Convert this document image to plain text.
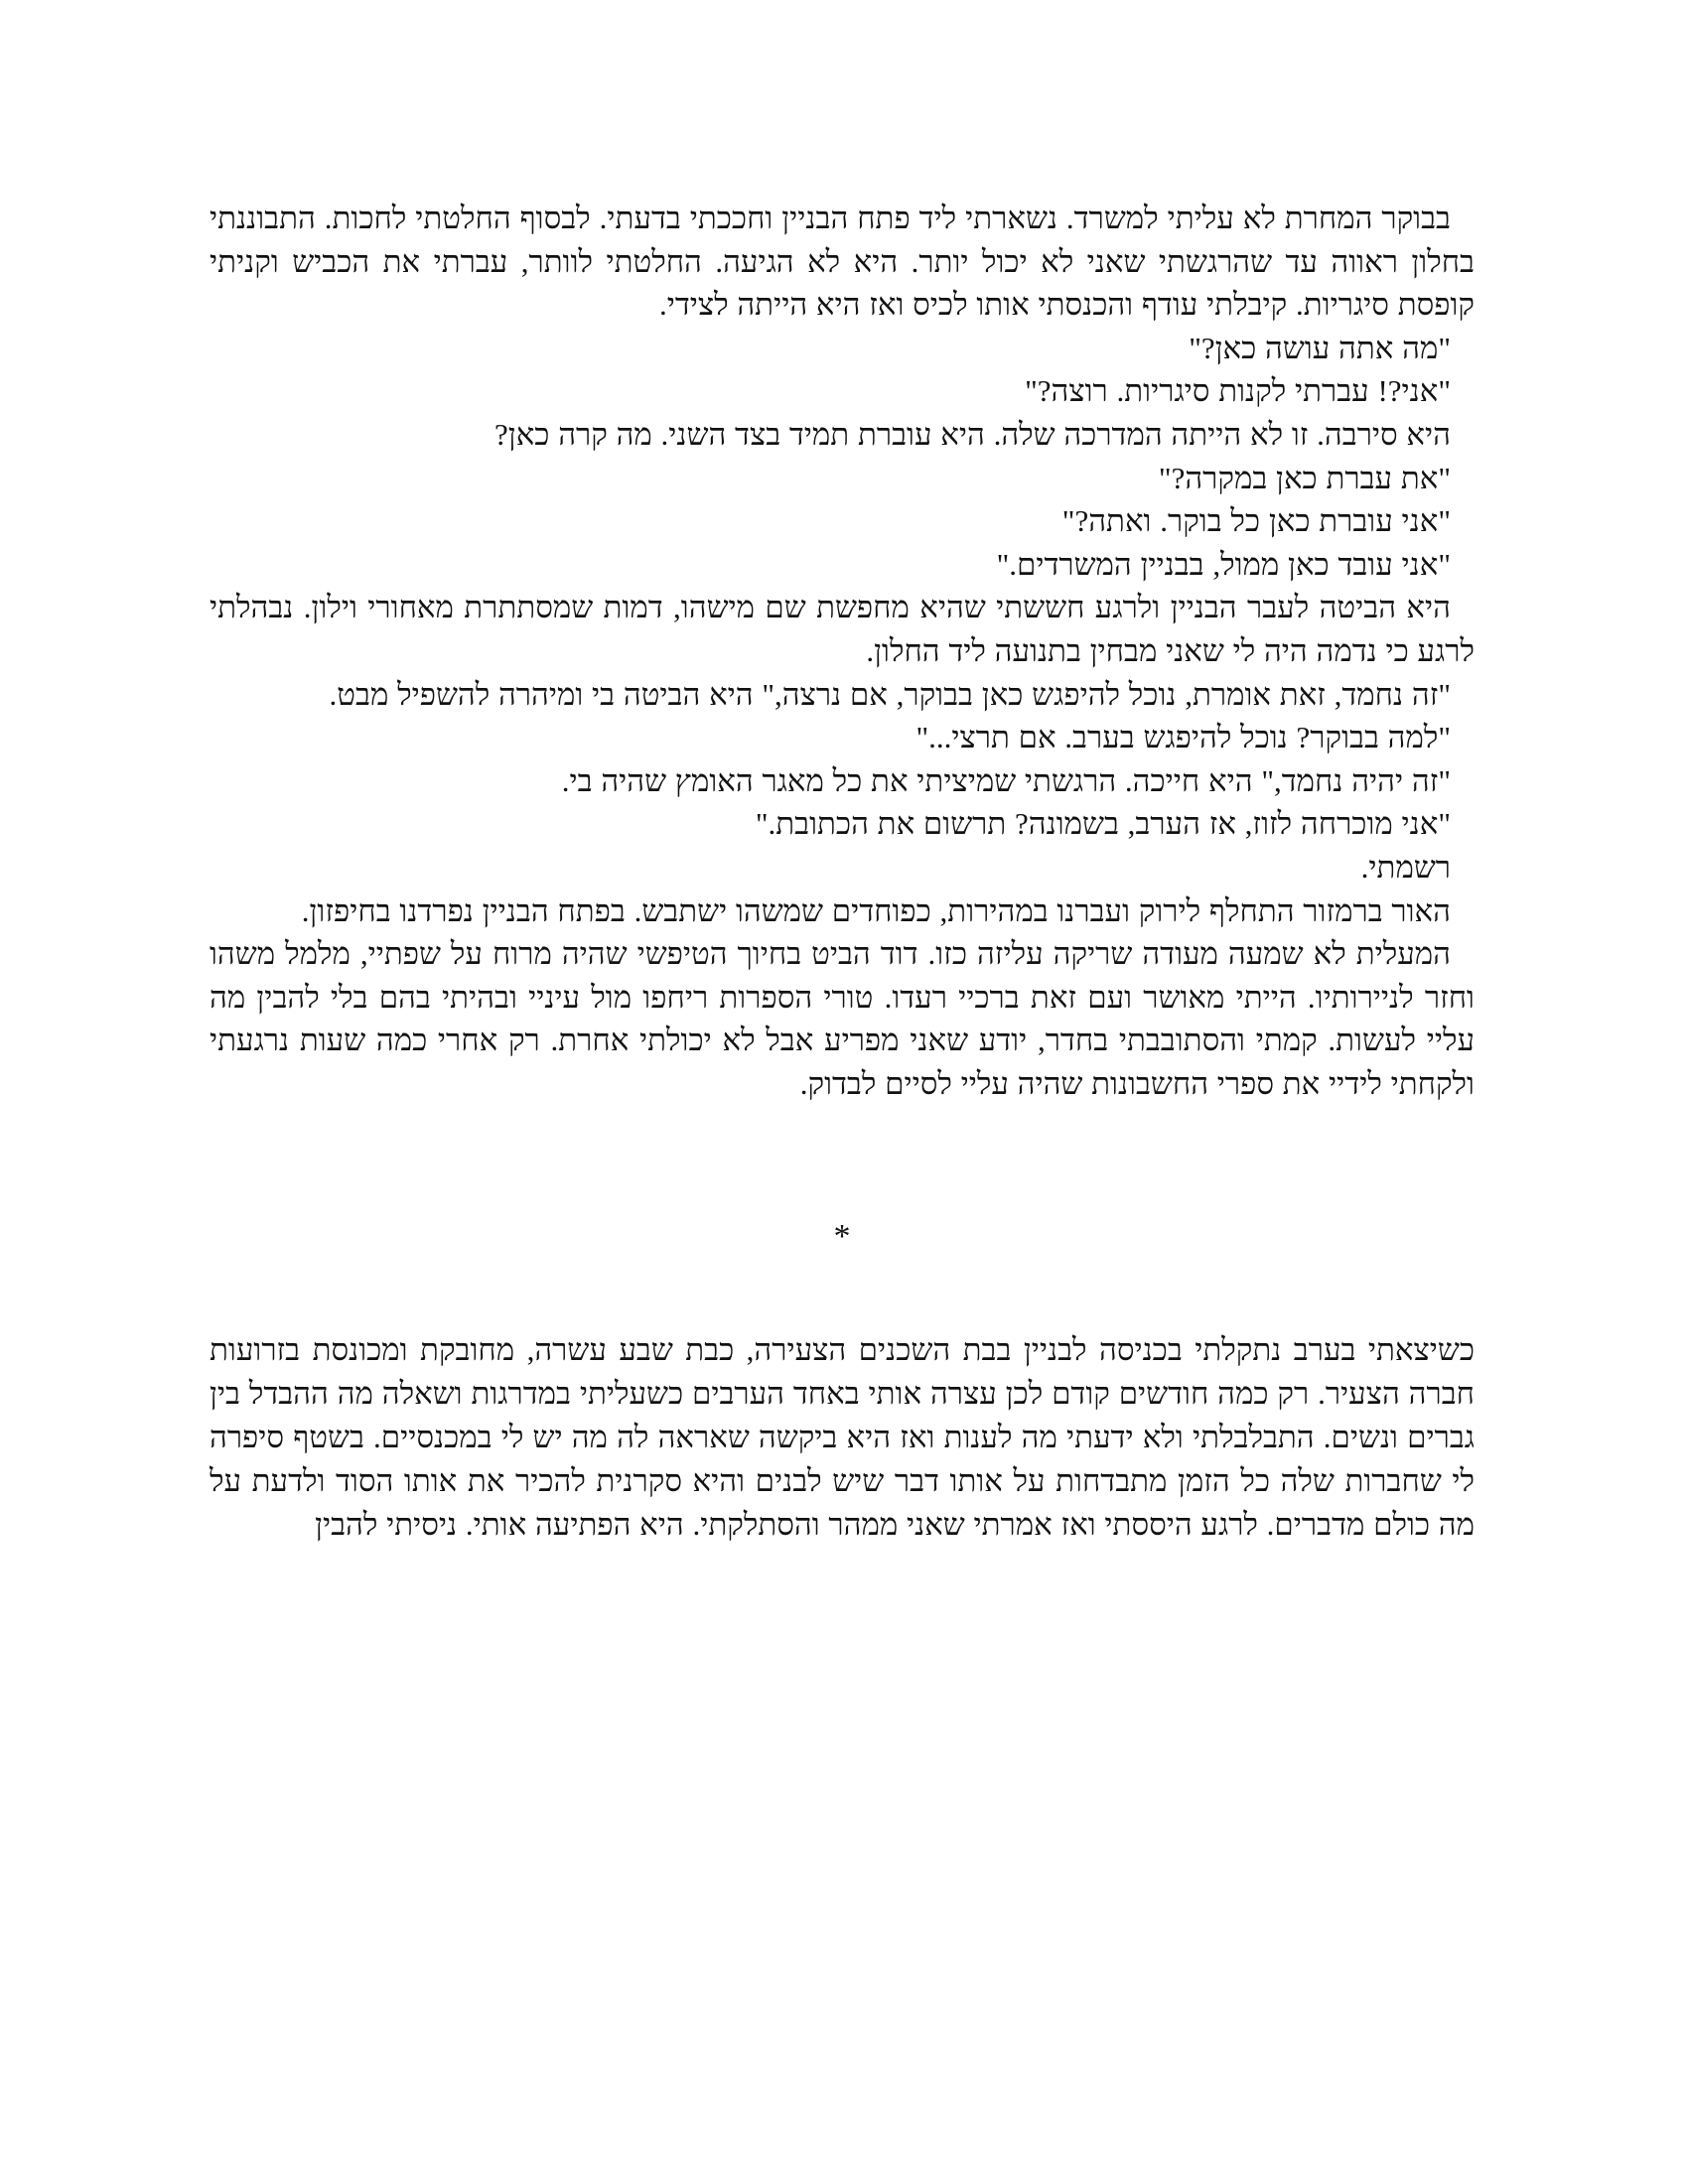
בבוקר המחרת לא עליתי למשרד. נשארתי ליד פתח הבניין וחככתי בדעתי. לבסוף החלטתי לחכות. התבוננתי בחלון ראווה עד שהרגשתי שאני לא יכול יותר. היא לא הגיעה. החלטתי לוותר, עברתי את הכביש וקניתי קופסת סיגריות. קיבלתי עודף והכנסתי אותו לכיס ואז היא הייתה לצידי.

"מה אתה עושה כאן?"

"אני?! עברתי לקנות סיגריות. רוצה?"

היא סירבה. זו לא הייתה המדרכה שלה. היא עוברת תמיד בצד השני. מה קרה כאן?

"את עברת כאן במקרה?"

"אני עוברת כאן כל בוקר. ואתה?"

"אני עובד כאן ממול, בבניין המשרדים."

היא הביטה לעבר הבניין ולרגע חששתי שהיא מחפשת שם מישהו, דמות שמסתתרת מאחורי וילון. נבהלתי לרגע כי נדמה היה לי שאני מבחין בתנועה ליד החלון.

"זה נחמד, זאת אומרת, נוכל להיפגש כאן בבוקר, אם נרצה," היא הביטה בי ומיהרה להשפיל מבט.

"למה בבוקר? נוכל להיפגש בערב. אם תרצי..."

"זה יהיה נחמד," היא חייכה. הרגשתי שמיציתי את כל מאגר האומץ שהיה בי.

"אני מוכרחה לזוז, אז הערב, בשמונה? תרשום את הכתובת."

רשמתי.

האור ברמזור התחלף לירוק ועברנו במהירות, כפוחדים שמשהו ישתבש. בפתח הבניין נפרדנו בחיפזון.

המעלית לא שמעה מעודה שריקה עליזה כזו. דוד הביט בחיוך הטיפשי שהיה מרוח על שפתיי, מלמל משהו וחזר לניירותיו. הייתי מאושר ועם זאת ברכיי רעדו. טורי הספרות ריחפו מול עיניי ובהיתי בהם בלי להבין מה עליי לעשות. קמתי והסתובבתי בחדר, יודע שאני מפריע אבל לא יכולתי אחרת. רק אחרי כמה שעות נרגעתי ולקחתי לידיי את ספרי החשבונות שהיה עליי לסיים לבדוק.

*

כשיצאתי בערב נתקלתי בכניסה לבניין בבת השכנים הצעירה, כבת שבע עשרה, מחובקת ומכונסת בזרועות חברה הצעיר. רק כמה חודשים קודם לכן עצרה אותי באחד הערבים כשעליתי במדרגות ושאלה מה ההבדל בין גברים ונשים. התבלבלתי ולא ידעתי מה לענות ואז היא ביקשה שאראה לה מה יש לי במכנסיים. בשטף סיפרה לי שחברות שלה כל הזמן מתבדחות על אותו דבר שיש לבנים והיא סקרנית להכיר את אותו הסוד ולדעת על מה כולם מדברים. לרגע היססתי ואז אמרתי שאני ממהר והסתלקתי. היא הפתיעה אותי. ניסיתי להבין
